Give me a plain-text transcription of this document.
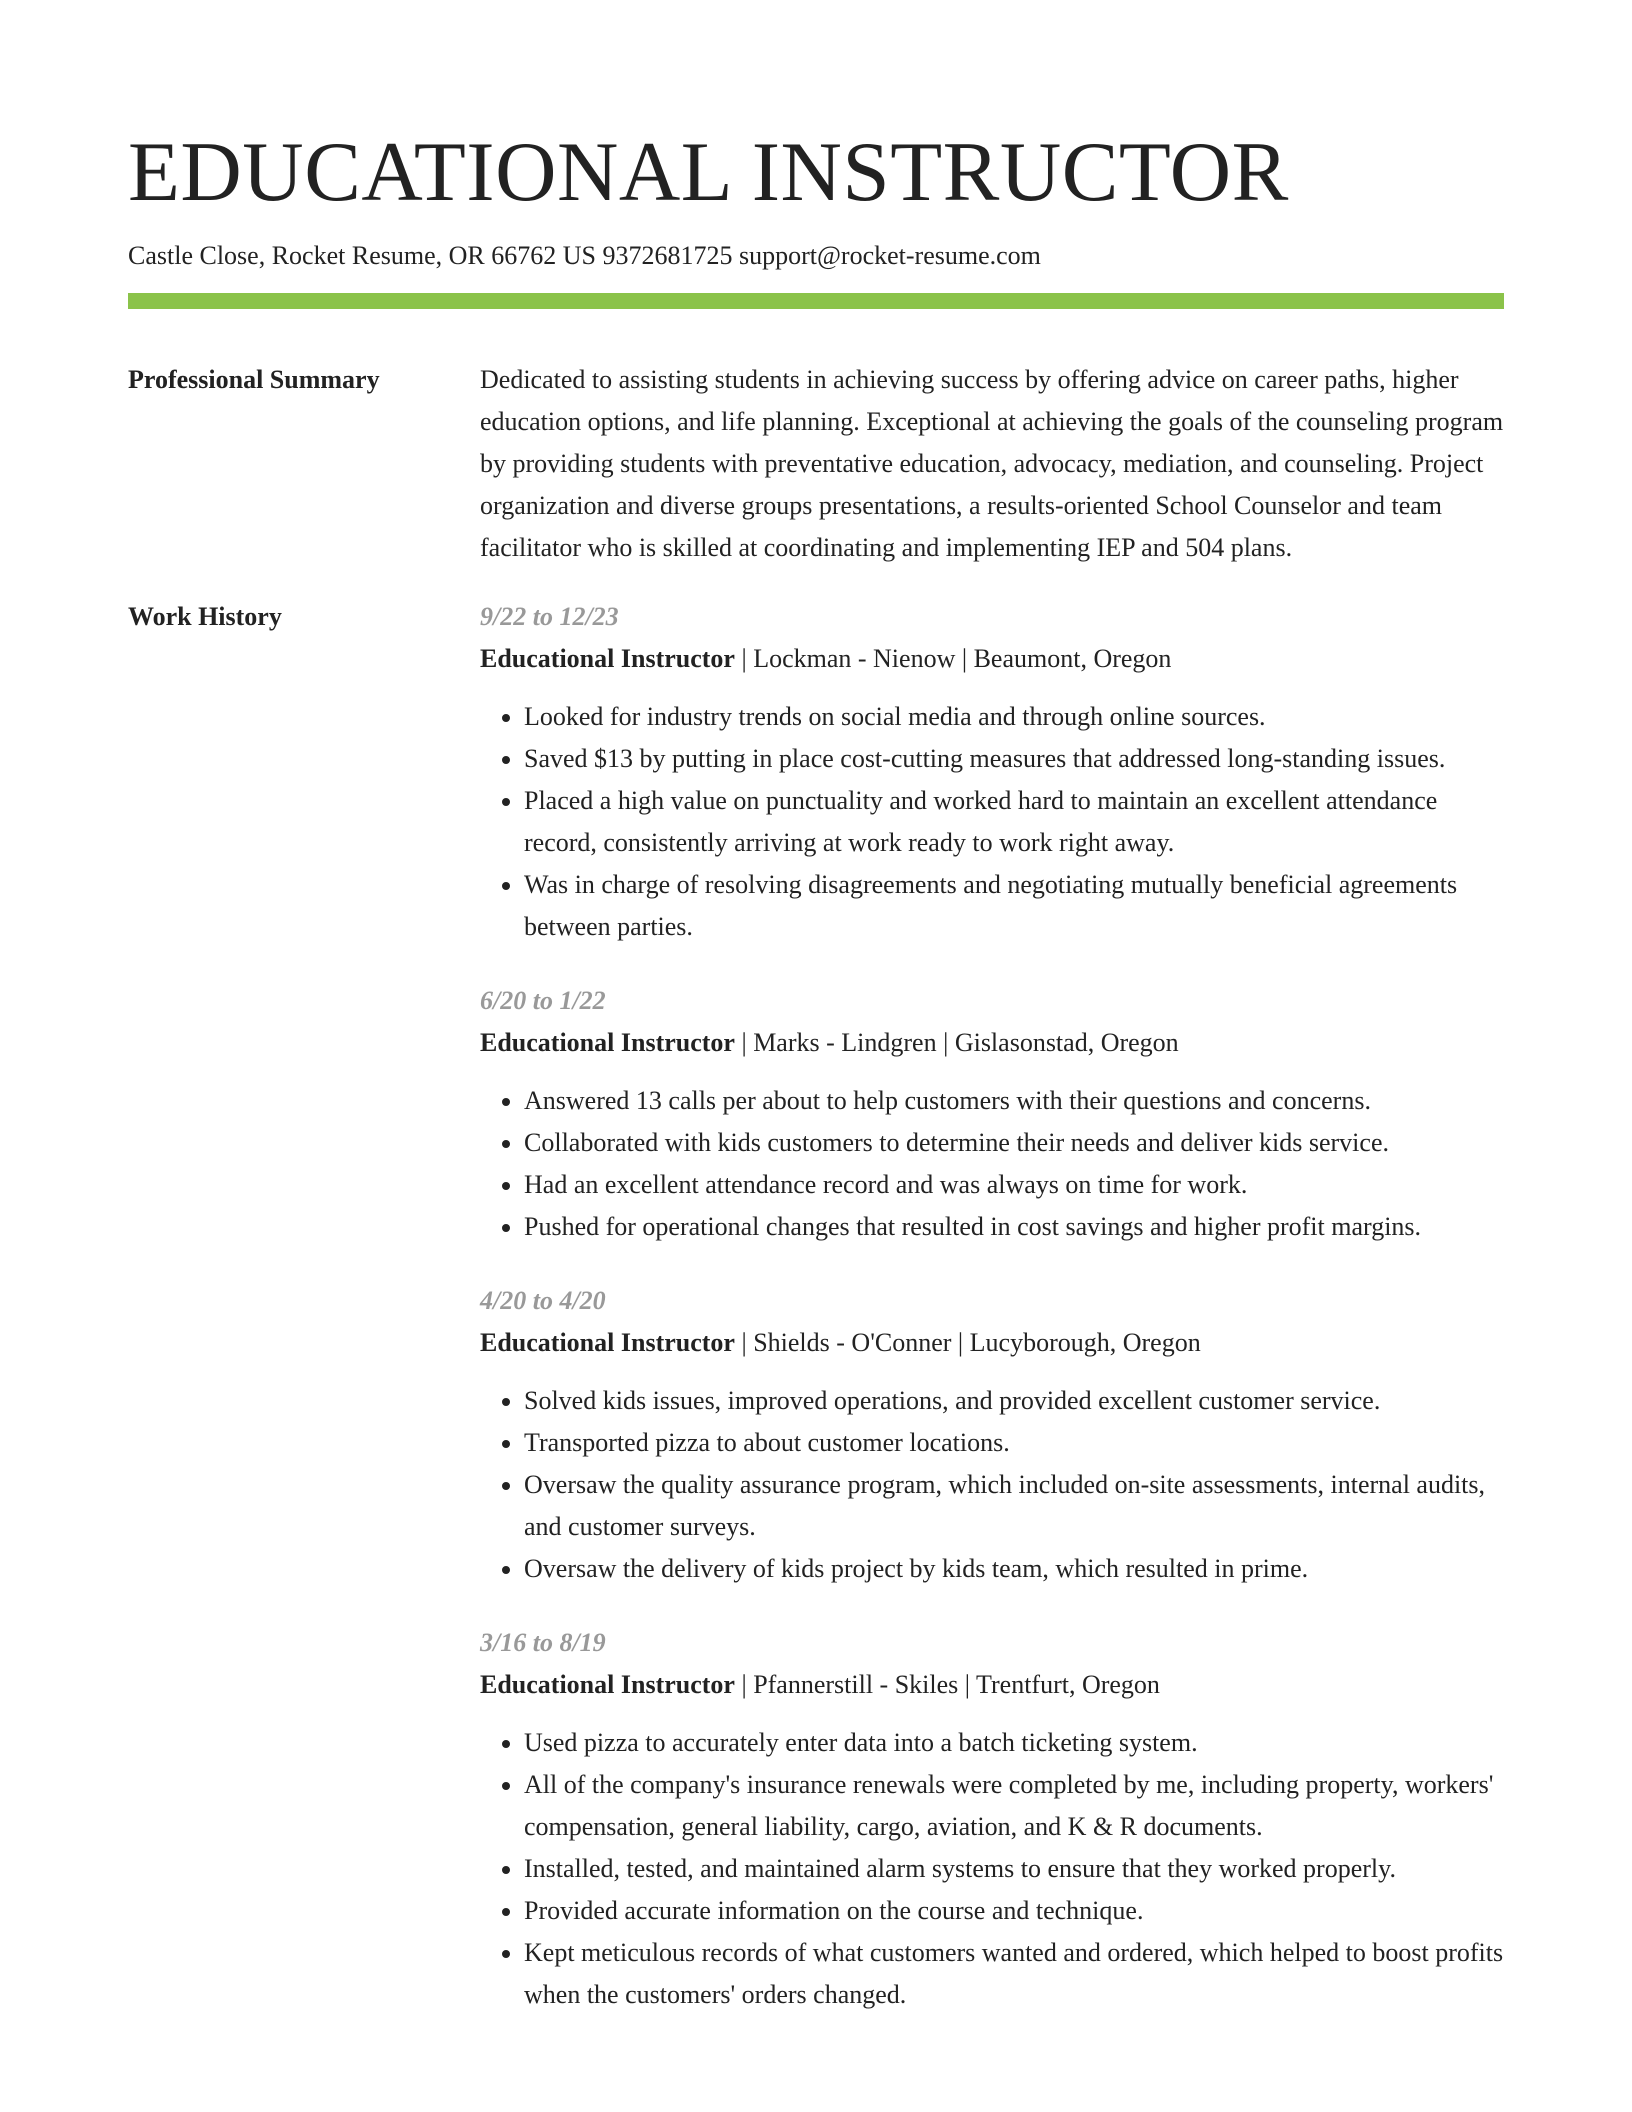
EDUCATIONAL INSTRUCTOR
Castle Close, Rocket Resume, OR 66762 US 9372681725 support@rocket-resume.com
Professional Summary	Dedicated to assisting students in achieving success by offering advice on career paths, higher education options, and life planning. Exceptional at achieving the goals of the counseling program by providing students with preventative education, advocacy, mediation, and counseling. Project organization and diverse groups presentations, a results-oriented School Counselor and team facilitator who is skilled at coordinating and implementing IEP and 504 plans.

Work History	9/22 to 12/23
Educational Instructor | Lockman - Nienow | Beaumont, Oregon
• Looked for industry trends on social media and through online sources.
• Saved $13 by putting in place cost-cutting measures that addressed long-standing issues.
• Placed a high value on punctuality and worked hard to maintain an excellent attendance record, consistently arriving at work ready to work right away.
• Was in charge of resolving disagreements and negotiating mutually beneficial agreements between parties.
6/20 to 1/22
Educational Instructor | Marks - Lindgren | Gislasonstad, Oregon
• Answered 13 calls per about to help customers with their questions and concerns.
• Collaborated with kids customers to determine their needs and deliver kids service.
• Had an excellent attendance record and was always on time for work.
• Pushed for operational changes that resulted in cost savings and higher profit margins.
4/20 to 4/20
Educational Instructor | Shields - O'Conner | Lucyborough, Oregon
• Solved kids issues, improved operations, and provided excellent customer service.
• Transported pizza to about customer locations.
• Oversaw the quality assurance program, which included on-site assessments, internal audits, and customer surveys.
• Oversaw the delivery of kids project by kids team, which resulted in prime.
3/16 to 8/19
Educational Instructor | Pfannerstill - Skiles | Trentfurt, Oregon
• Used pizza to accurately enter data into a batch ticketing system.
• All of the company's insurance renewals were completed by me, including property, workers' compensation, general liability, cargo, aviation, and K & R documents.
• Installed, tested, and maintained alarm systems to ensure that they worked properly.
• Provided accurate information on the course and technique.
• Kept meticulous records of what customers wanted and ordered, which helped to boost profits when the customers' orders changed.
